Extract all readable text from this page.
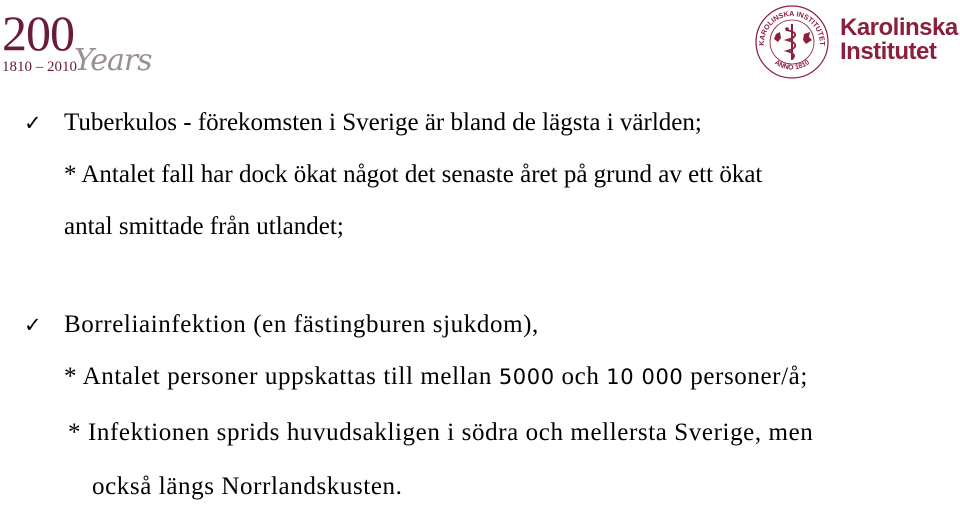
200 Years
1810 – 2010
KAROLINSKA INSTITUTET
ANNO 1810
Karolinska
Institutet
✓ Tuberkulos - förekomsten i Sverige är bland de lägsta i världen;
* Antalet fall har dock ökat något det senaste året på grund av ett ökat
antal smittade från utlandet;
✓ Borreliainfektion (en fästingburen sjukdom),
* Antalet personer uppskattas till mellan 5000 och 10 000 personer/å;
* Infektionen sprids huvudsakligen i södra och mellersta Sverige, men
också längs Norrlandskusten.
